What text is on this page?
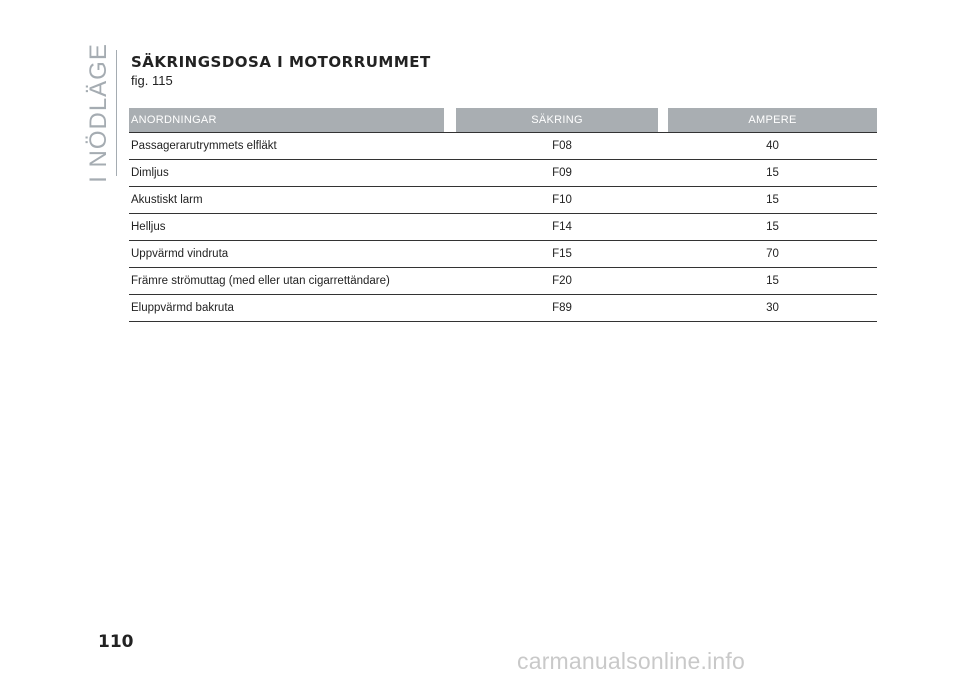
I NÖDLÄGE SÄKRINGSDOSA I MOTORRUMMET
fig. 115
ANORDNINGAR	SÄKRING	AMPERE
Passagerarutrymmets elfläkt	F08	40
Dimljus	F09	15
Akustiskt larm	F10	15
Helljus	F14	15
Uppvärmd vindruta	F15	70
Främre strömuttag (med eller utan cigarrettändare)	F20	15
Eluppvärmd bakruta	F89	30
110
carmanualsonline.info
